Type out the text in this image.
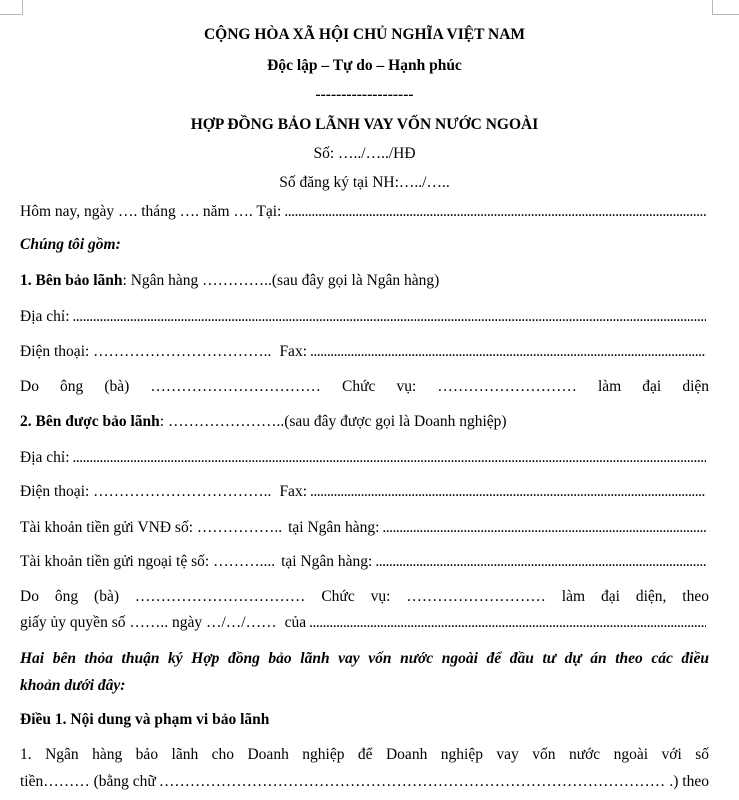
CỘNG HÒA XÃ HỘI CHỦ NGHĨA VIỆT NAM
Độc lập – Tự do – Hạnh phúc
-------------------
HỢP ĐỒNG BẢO LÃNH VAY VỐN NƯỚC NGOÀI
Số: …../…../HĐ
Số đăng ký tại NH:…../…..
Hôm nay, ngày …. tháng …. năm …. Tại:
.....
Chúng tôi gồm:
1. Bên bảo lãnh: Ngân hàng …………..(sau đây gọi là Ngân hàng)
Địa chỉ:
.....
Điện thoại: …………………………….. Fax:
.....
Do ông (bà) …………………………… Chức vụ: ……………………… làm đại diện
2. Bên được bảo lãnh: …………………..(sau đây được gọi là Doanh nghiệp)
Địa chỉ:
.....
Điện thoại: …………………………….. Fax:
.....
Tài khoản tiền gửi VNĐ số: …………….. tại Ngân hàng:
.....
Tài khoản tiền gửi ngoại tệ số: ……….... tại Ngân hàng:
.....
Do ông (bà) …………………………… Chức vụ: ……………………… làm đại diện, theo
giấy ủy quyền số …….. ngày …/…/…… của
.....
Hai bên thỏa thuận ký Hợp đồng bảo lãnh vay vốn nước ngoài để đầu tư dự án theo các điều
khoản dưới đây:
Điều 1. Nội dung và phạm vi bảo lãnh
1. Ngân hàng bảo lãnh cho Doanh nghiệp để Doanh nghiệp vay vốn nước ngoài với số
tiền……… (bằng chữ
…………………………………………………………………………………………………………………………………………………………………………………………………	.) theo
